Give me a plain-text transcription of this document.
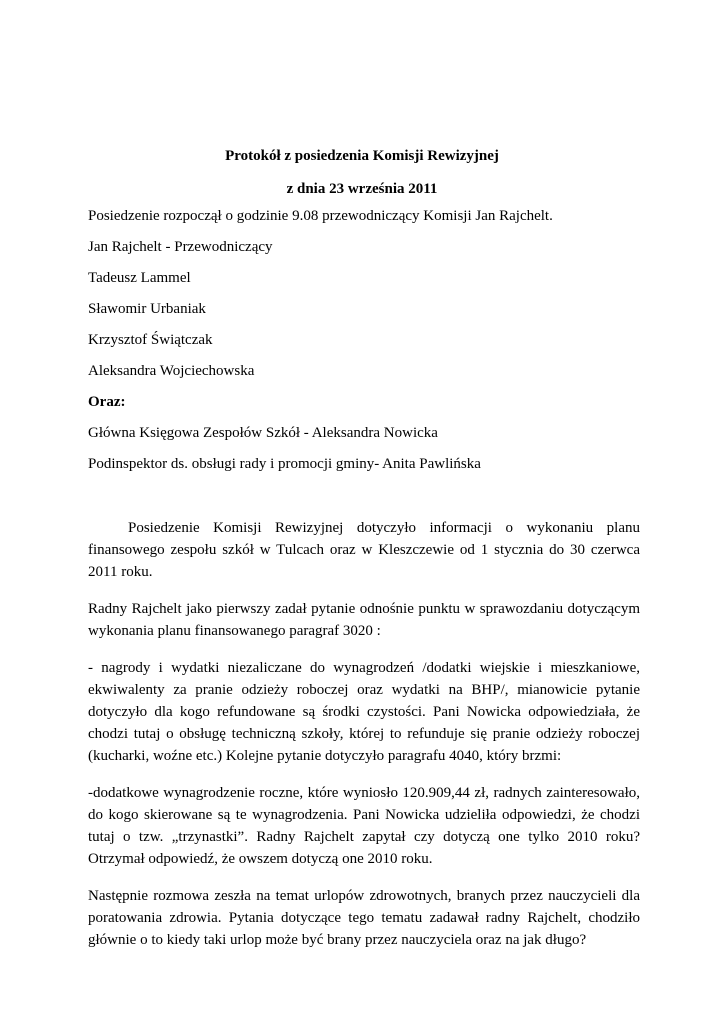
Protokół z posiedzenia Komisji Rewizyjnej

z dnia 23 września 2011

Posiedzenie rozpoczął o godzinie 9.08 przewodniczący Komisji Jan Rajchelt.

Jan Rajchelt - Przewodniczący

Tadeusz Lammel

Sławomir Urbaniak

Krzysztof Świątczak

Aleksandra Wojciechowska

Oraz:

Główna Księgowa Zespołów Szkół - Aleksandra Nowicka

Podinspektor ds. obsługi rady i promocji gminy- Anita Pawlińska

Posiedzenie Komisji Rewizyjnej dotyczyło informacji o wykonaniu planu finansowego zespołu szkół w Tulcach oraz w Kleszczewie od 1 stycznia do 30 czerwca 2011 roku.

Radny Rajchelt jako pierwszy zadał pytanie odnośnie punktu w sprawozdaniu dotyczącym wykonania planu finansowanego paragraf 3020 :

- nagrody i wydatki niezaliczane do wynagrodzeń /dodatki wiejskie i mieszkaniowe, ekwiwalenty za pranie odzieży roboczej oraz wydatki na BHP/, mianowicie pytanie dotyczyło dla kogo refundowane są środki czystości. Pani Nowicka odpowiedziała, że chodzi tutaj o obsługę techniczną szkoły, której to refunduje się pranie odzieży roboczej (kucharki, woźne etc.) Kolejne pytanie dotyczyło paragrafu 4040, który brzmi:

-dodatkowe wynagrodzenie roczne, które wyniosło 120.909,44 zł, radnych zainteresowało, do kogo skierowane są te wynagrodzenia. Pani Nowicka udzieliła odpowiedzi, że chodzi tutaj o tzw. „trzynastki”. Radny Rajchelt zapytał czy dotyczą one tylko 2010 roku? Otrzymał odpowiedź, że owszem dotyczą one 2010 roku.

Następnie rozmowa zeszła na temat urlopów zdrowotnych, branych przez nauczycieli dla poratowania zdrowia. Pytania dotyczące tego tematu zadawał radny Rajchelt, chodziło głównie o to kiedy taki urlop może być brany przez nauczyciela oraz na jak długo?
